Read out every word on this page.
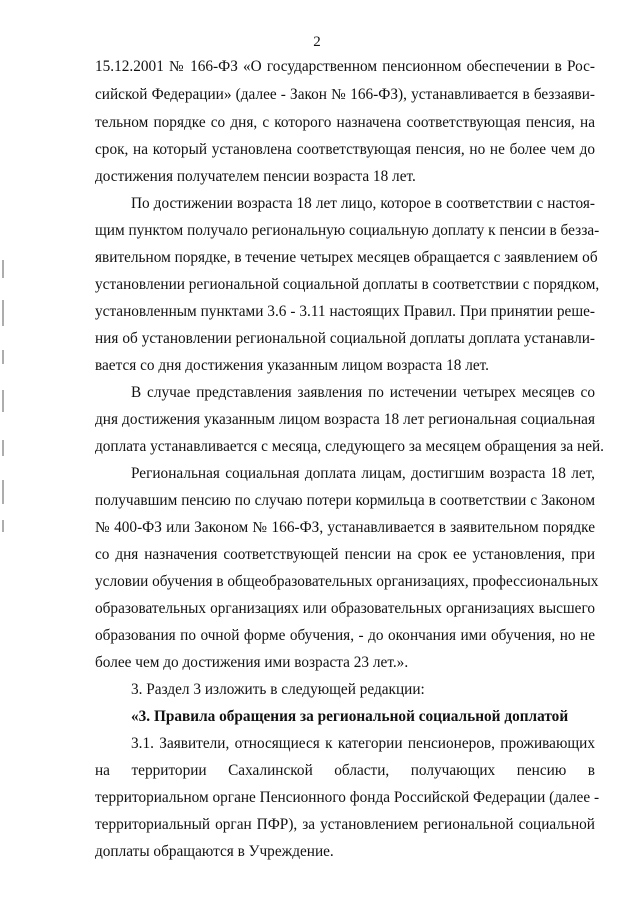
2
15.12.2001 № 166-ФЗ «О государственном пенсионном обеспечении в Рос-
сийской Федерации» (далее - Закон № 166-ФЗ), устанавливается в беззаяви-
тельном порядке со дня, с которого назначена соответствующая пенсия, на
срок, на который установлена соответствующая пенсия, но не более чем до
достижения получателем пенсии возраста 18 лет.
По достижении возраста 18 лет лицо, которое в соответствии с настоя-
щим пунктом получало региональную социальную доплату к пенсии в беззa-
явительном порядке, в течение четырех месяцев обращается с заявлением об
установлении региональной социальной доплаты в соответствии с порядком,
установленным пунктами 3.6 - 3.11 настоящих Правил. При принятии реше-
ния об установлении региональной социальной доплаты доплата устанавли-
вается со дня достижения указанным лицом возраста 18 лет.
В случае представления заявления по истечении четырех месяцев со
дня достижения указанным лицом возраста 18 лет региональная социальная
доплата устанавливается с месяца, следующего за месяцем обращения за ней.
Региональная социальная доплата лицам, достигшим возраста 18 лет,
получавшим пенсию по случаю потери кормильца в соответствии с Законом
№ 400-ФЗ или Законом № 166-ФЗ, устанавливается в заявительном порядке
со дня назначения соответствующей пенсии на срок ее установления, при
условии обучения в общеобразовательных организациях, профессиональных
образовательных организациях или образовательных организациях высшего
образования по очной форме обучения, - до окончания ими обучения, но не
более чем до достижения ими возраста 23 лет.».
3. Раздел 3 изложить в следующей редакции:
«3. Правила обращения за региональной социальной доплатой
3.1. Заявители, относящиеся к категории пенсионеров, проживающих
на территории Сахалинской области, получающих пенсию в
территориальном органе Пенсионного фонда Российской Федерации (далее -
территориальный орган ПФР), за установлением региональной социальной
доплаты обращаются в Учреждение.
